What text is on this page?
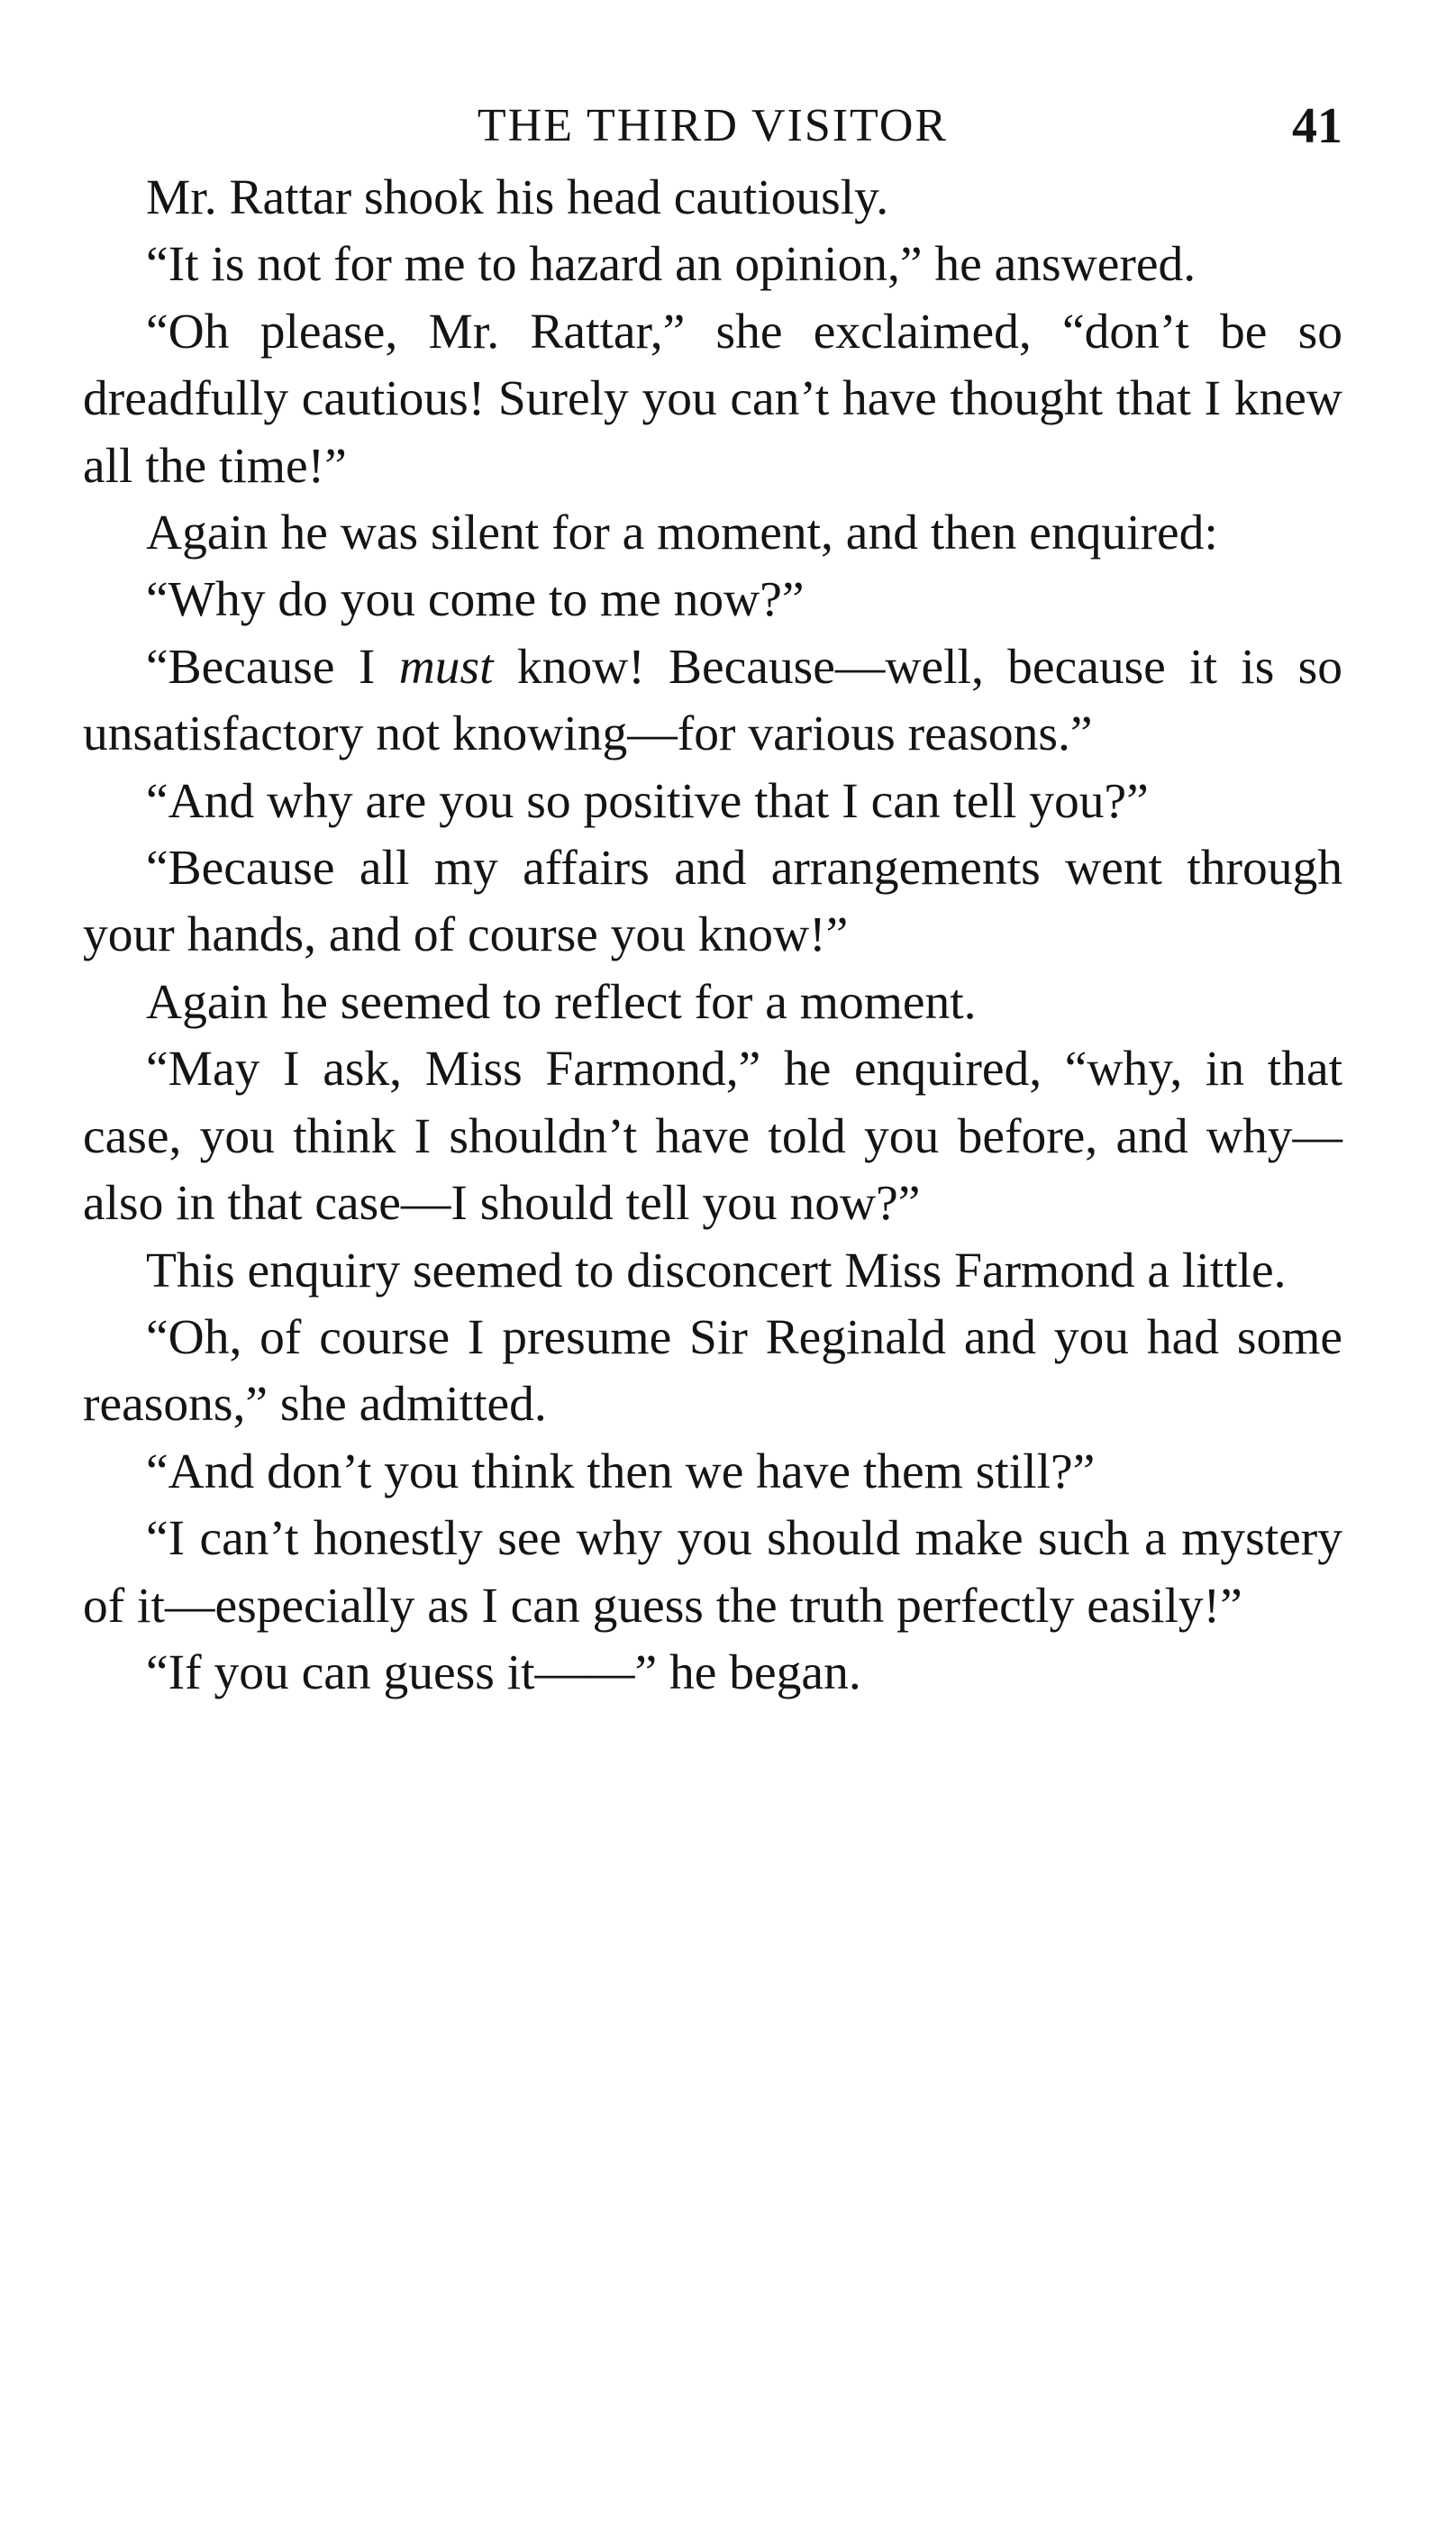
THE THIRD VISITOR	41

Mr. Rattar shook his head cautiously.

“It is not for me to hazard an opinion,” he answered.

“Oh please, Mr. Rattar,” she exclaimed, “don’t be so dreadfully cautious! Surely you can’t have thought that I knew all the time!”

Again he was silent for a moment, and then enquired:

“Why do you come to me now?”

“Because I must know! Because—well, because it is so unsatisfactory not knowing—for various reasons.”

“And why are you so positive that I can tell you?”

“Because all my affairs and arrangements went through your hands, and of course you know!”

Again he seemed to reflect for a moment.

“May I ask, Miss Farmond,” he enquired, “why, in that case, you think I shouldn’t have told you before, and why—also in that case—I should tell you now?”

This enquiry seemed to disconcert Miss Farmond a little.

“Oh, of course I presume Sir Reginald and you had some reasons,” she admitted.

“And don’t you think then we have them still?”

“I can’t honestly see why you should make such a mystery of it—especially as I can guess the truth perfectly easily!”

“If you can guess it——” he began.
